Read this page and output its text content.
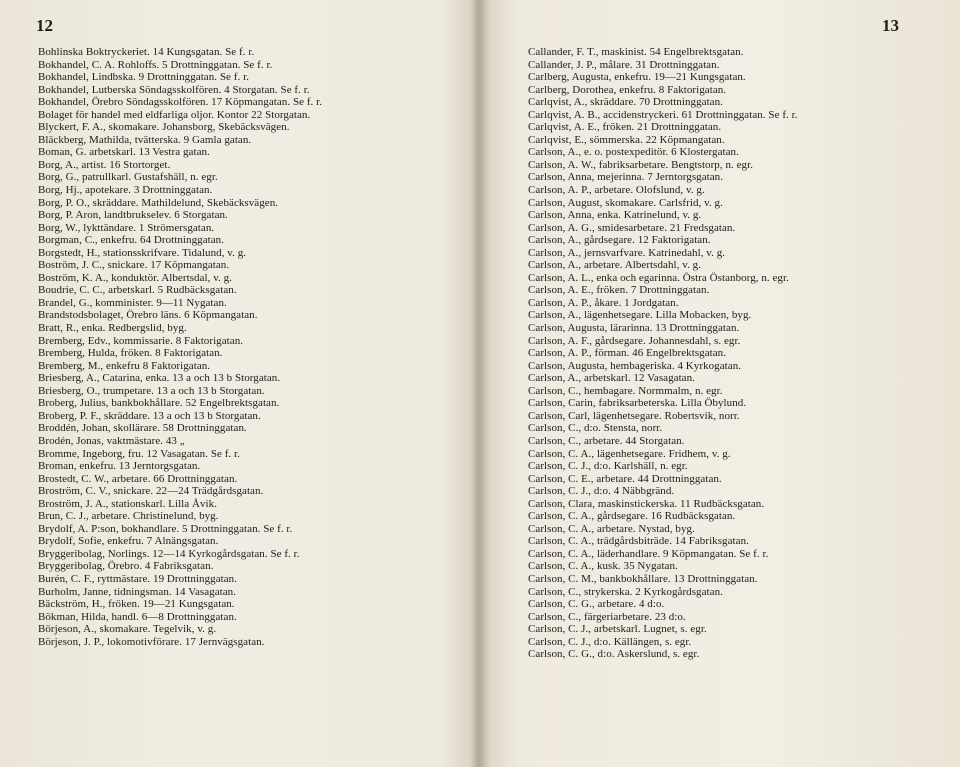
12
Bohlinska Boktryckeriet. 14 Kungsgatan. Se f. r.
Bokhandel, C. A. Rohloffs. 5 Drottninggatan. Se f. r.
Bokhandel, Lindbska. 9 Drottninggatan. Se f. r.
Bokhandel, Lutberska Söndagsskolfören. 4 Storgatan. Se f. r.
Bokhandel, Örebro Söndagsskolfören. 17 Köpmangatan. Se f. r.
Bolaget för handel med eldfarliga oljor. Kontor 22 Storgatan.
Blyckert, F. A., skomakare. Johansborg, Skebäcksvägen.
Bläckberg, Mathilda, tvätterska. 9 Gamla gatan.
Boman, G. arbetskarl. 13 Vestra gatan.
Borg, A., artist. 16 Stortorget.
Borg, G., patrullkarl. Gustafshäll, n. egr.
Borg, Hj., apotekare. 3 Drottninggatan.
Borg, P. O., skräddare. Mathildelund, Skebäcksvägen.
Borg, P. Aron, landtbrukselev. 6 Storgatan.
Borg, W., lykttändare. 1 Strömersgatan.
Borgman, C., enkefru. 64 Drottninggatan.
Borgstedt, H., stationsskrifvare. Tidalund, v. g.
Boström, J. C., snickare. 17 Köpmangatan.
Boström, K. A., konduktör. Albertsdal, v. g.
Boudrie, C. C., arbetskarl. 5 Rudbäcksgatan.
Brandel, G., komminister. 9—11 Nygatan.
Brandstodsbolaget, Örebro läns. 6 Köpmangatan.
Bratt, R., enka. Redbergslid, byg.
Bremberg, Edv., kommissarie. 8 Faktorigatan.
Bremberg, Hulda, fröken. 8 Faktorigatan.
Bremberg, M., enkefru 8 Faktorigatan.
Briesberg, A., Catarina, enka. 13 a och 13 b Storgatan.
Briesberg, O., trumpetare. 13 a och 13 b Storgatan.
Broberg, Julius, bankbokhållare. 52 Engelbrektsgatan.
Broberg, P. F., skräddare. 13 a och 13 b Storgatan.
Broddén, Johan, skollärare. 58 Drottninggatan.
Brodén, Jonas, vaktmästare. 43 „
Bromme, Ingeborg, fru. 12 Vasagatan. Se f. r.
Broman, enkefru. 13 Jerntorgsgatan.
Brostedt, C. W., arbetare. 66 Drottninggatan.
Broström, C. V., snickare. 22—24 Trädgårdsgatan.
Broström, J. A., stationskarl. Lilla Åvik.
Brun, C. J., arbetare. Christinelund, byg.
Brydolf, A. P:son, bokhandlare. 5 Drottninggatan. Se f. r.
Brydolf, Sofie, enkefru. 7 Alnängsgatan.
Bryggeribolag, Norlings. 12—14 Kyrkogårdsgatan. Se f. r.
Bryggeribolag, Örebro. 4 Fabriksgatan.
Burén, C. F., ryttmästare. 19 Drottninggatan.
Burholm, Janne, tidningsman. 14 Vasagatan.
Bäckström, H., fröken. 19—21 Kungsgatan.
Bökman, Hilda, handl. 6—8 Drottninggatan.
Börjeson, A., skomakare. Tegelvik, v. g.
Börjeson, J. P., lokomotivförare. 17 Jernvägsgatan.
13
Callander, F. T., maskinist. 54 Engelbrektsgatan.
Callander, J. P., målare. 31 Drottninggatan.
Carlberg, Augusta, enkefru. 19—21 Kungsgatan.
Carlberg, Dorothea, enkefru. 8 Faktorigatan.
Carlqvist, A., skräddare. 70 Drottninggatan.
Carlqvist, A. B., accidenstryckeri. 61 Drottninggatan. Se f. r.
Carlqvist, A. E., fröken. 21 Drottninggatan.
Carlqvist, E., sömmerska. 22 Köpmangatan.
Carlson, A., e. o. postexpeditör. 6 Klostergatan.
Carlson, A. W., fabriksarbetare. Bengtstorp, n. egr.
Carlson, Anna, mejerinna. 7 Jerntorgsgatan.
Carlson, A. P., arbetare. Olofslund, v. g.
Carlson, August, skomakare. Carlsfrid, v. g.
Carlson, Anna, enka. Katrinelund, v. g.
Carlson, A. G., smidesarbetare. 21 Fredsgatan.
Carlson, A., gårdsegare. 12 Faktorigatan.
Carlson, A., jernsvarfvare. Katrinedahl, v. g.
Carlson, A., arbetare. Albertsdahl, v. g.
Carlson, A. L., enka och egarinna. Östra Östanborg, n. egr.
Carlson, A. E., fröken. 7 Drottninggatan.
Carlson, A. P., åkare. 1 Jordgatan.
Carlson, A., lägenhetsegare. Lilla Mobacken, byg.
Carlson, Augusta, lärarinna. 13 Drottninggatan.
Carlson, A. F., gårdsegare. Johannesdahl, s. egr.
Carlson, A. P., förman. 46 Engelbrektsgatan.
Carlson, Augusta, hembageriska. 4 Kyrkogatan.
Carlson, A., arbetskarl. 12 Vasagatan.
Carlson, C., hembagare. Normmalm, n. egr.
Carlson, Carin, fabriksarbeterska. Lilla Öbylund.
Carlson, Carl, lägenhetsegare. Robertsvik, norr.
Carlson, C., d:o. Stensta, norr.
Carlson, C., arbetare. 44 Storgatan.
Carlson, C. A., lägenhetsegare. Fridhem, v. g.
Carlson, C. J., d:o. Karlshäll, n. egr.
Carlson, C. E., arbetare. 44 Drottninggatan.
Carlson, C. J., d:o. 4 Näbbgränd.
Carlson, Clara, maskinstickerska. 11 Rudbäcksgatan.
Carlson, C. A., gårdsegare. 16 Rudbäcksgatan.
Carlson, C. A., arbetare. Nystad, byg.
Carlson, C. A., trädgårdsbiträde. 14 Fabriksgatan.
Carlson, C. A., läderhandlare. 9 Köpmangatan. Se f. r.
Carlson, C. A., kusk. 35 Nygatan.
Carlson, C. M., bankbokhållare. 13 Drottninggatan.
Carlson, C., strykerska. 2 Kyrkogårdsgatan.
Carlson, C. G., arbetare. 4 d:o.
Carlson, C., färgeriarbetare. 23 d:o.
Carlson, C. J., arbetskarl. Lugnet, s. egr.
Carlson, C. J., d:o. Källängen, s. egr.
Carlson, C. G., d:o. Askerslund, s. egr.
